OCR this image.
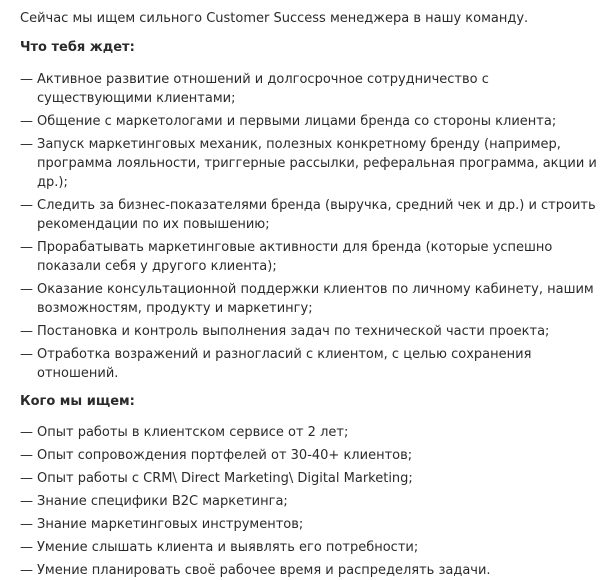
Сейчас мы ищем сильного Customer Success менеджера в нашу команду.

Что тебя ждет:

— Активное развитие отношений и долгосрочное сотрудничество с существующими клиентами;
— Общение с маркетологами и первыми лицами бренда со стороны клиента;
— Запуск маркетинговых механик, полезных конкретному бренду (например, программа лояльности, триггерные рассылки, реферальная программа, акции и др.);
— Следить за бизнес-показателями бренда (выручка, средний чек и др.) и строить рекомендации по их повышению;
— Прорабатывать маркетинговые активности для бренда (которые успешно показали себя у другого клиента);
— Оказание консультационной поддержки клиентов по личному кабинету, нашим возможностям, продукту и маркетингу;
— Постановка и контроль выполнения задач по технической части проекта;
— Отработка возражений и разногласий с клиентом, с целью сохранения отношений.

Кого мы ищем:

— Опыт работы в клиентском сервисе от 2 лет;
— Опыт сопровождения портфелей от 30-40+ клиентов;
— Опыт работы с CRM\ Direct Marketing\ Digital Marketing;
— Знание специфики B2C маркетинга;
— Знание маркетинговых инструментов;
— Умение слышать клиента и выявлять его потребности;
— Умение планировать своё рабочее время и распределять задачи.
